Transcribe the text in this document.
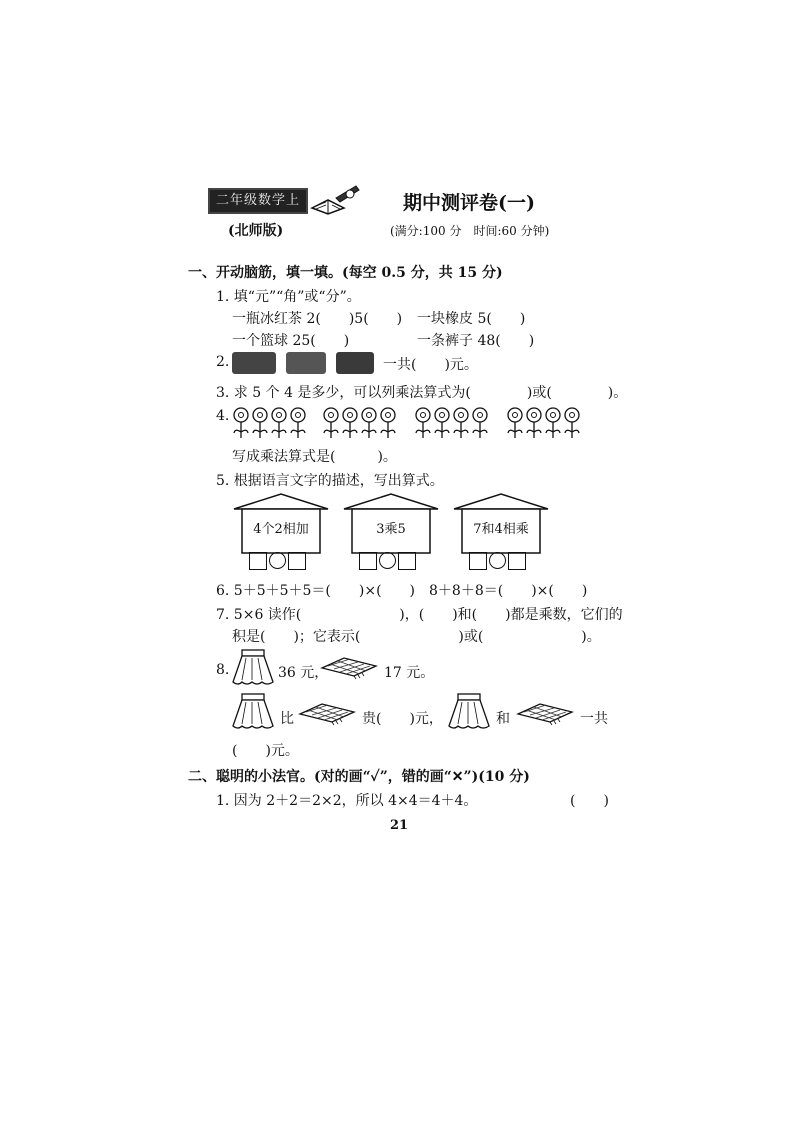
二年级数学上	期中测评卷(一)
(北师版)	(满分:100 分　时间:60 分钟)
一、开动脑筋，填一填。(每空 0.5 分，共 15 分)
1. 填“元”“角”或“分”。
一瓶冰红茶 2(　　)5(　　) 一块橡皮 5(　　)
一个篮球 25(　　)	一条裤子 48(　　)
2.	一共(　　)元。
3. 求 5 个 4 是多少，可以列乘法算式为(　　　　)或(　　　　)。
4.
写成乘法算式是(　　　)。
5. 根据语言文字的描述，写出算式。
4个2相加	3乘5	7和4相乘
6. 5＋5＋5＋5＝(　　)×(　　)　8＋8＋8＝(　　)×(　　)
7. 5×6 读作(　　　　　　　)，(　　)和(　　)都是乘数，它们的
积是(　　)；它表示(　　　　　　　)或(　　　　　　　)。
8.	36 元，	17 元。
比	贵(　　)元，	和	一共
(　　)元。
二、聪明的小法官。(对的画“✓”，错的画“✕”)(10 分)
1. 因为 2＋2＝2×2，所以 4×4＝4＋4。	(　　)
21
